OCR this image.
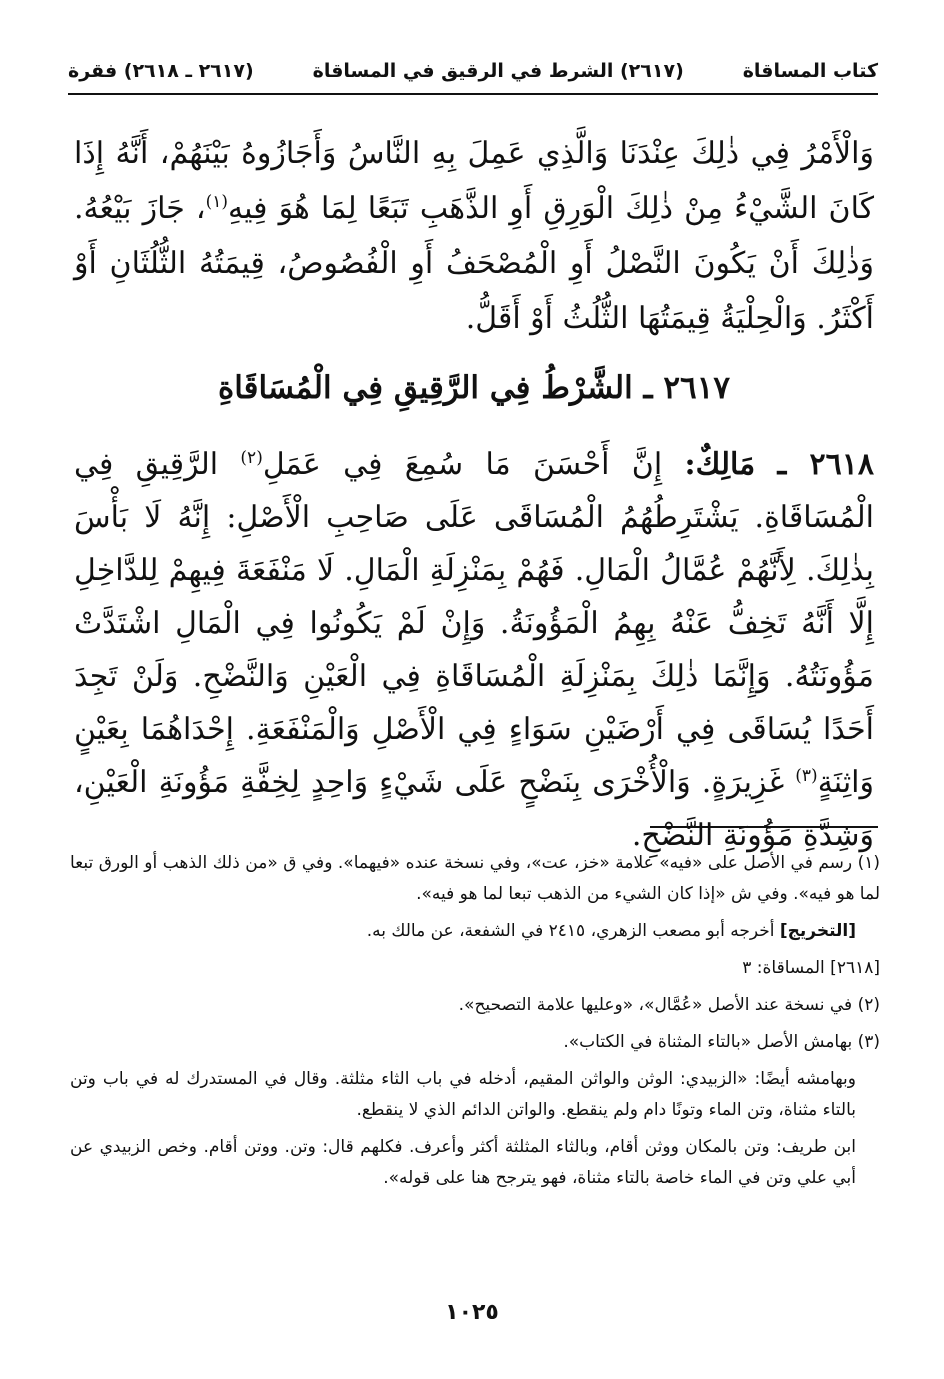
كتاب المساقاة
(٢٦١٧) الشرط في الرقيق في المساقاة
(٢٦١٧ ـ ٢٦١٨) فقرة

وَالْأَمْرُ فِي ذٰلِكَ عِنْدَنَا وَالَّذِي عَمِلَ بِهِ النَّاسُ وَأَجَازُوهُ بَيْنَهُمْ، أَنَّهُ إِذَا كَانَ الشَّيْءُ مِنْ ذٰلِكَ الْوَرِقِ أَوِ الذَّهَبِ تَبَعًا لِمَا هُوَ فِيهِ$^{(١)}$، جَازَ بَيْعُهُ. وَذٰلِكَ أَنْ يَكُونَ النَّصْلُ أَوِ الْمُصْحَفُ أَوِ الْفُصُوصُ، قِيمَتُهُ الثُّلُثَانِ أَوْ أَكْثَرُ. وَالْحِلْيَةُ قِيمَتُهَا الثُّلُثُ أَوْ أَقَلُّ.

٢٦١٧ ـ الشَّرْطُ فِي الرَّقِيقِ فِي الْمُسَاقَاةِ

٢٦١٨ ـ مَالِكٌ: إِنَّ أَحْسَنَ مَا سُمِعَ فِي عَمَلِ$^{(٢)}$ الرَّقِيقِ فِي الْمُسَاقَاةِ. يَشْتَرِطُهُمُ الْمُسَاقَى عَلَى صَاحِبِ الْأَصْلِ: إِنَّهُ لَا بَأْسَ بِذٰلِكَ. لِأَنَّهُمْ عُمَّالُ الْمَالِ. فَهُمْ بِمَنْزِلَةِ الْمَالِ. لَا مَنْفَعَةَ فِيهِمْ لِلدَّاخِلِ إِلَّا أَنَّهُ تَخِفُّ عَنْهُ بِهِمُ الْمَؤُونَةُ. وَإِنْ لَمْ يَكُونُوا فِي الْمَالِ اشْتَدَّتْ مَؤُونَتُهُ. وَإِنَّمَا ذٰلِكَ بِمَنْزِلَةِ الْمُسَاقَاةِ فِي الْعَيْنِ وَالنَّضْحِ. وَلَنْ تَجِدَ أَحَدًا يُسَاقَى فِي أَرْضَيْنِ سَوَاءٍ فِي الْأَصْلِ وَالْمَنْفَعَةِ. إِحْدَاهُمَا بِعَيْنٍ وَاثِنَةٍ$^{(٣)}$ غَزِيرَةٍ. وَالْأُخْرَى بِنَضْحٍ عَلَى شَيْءٍ وَاحِدٍ لِخِفَّةِ مَؤُونَةِ الْعَيْنِ، وَشِدَّةِ مَؤُونَةِ النَّضْحِ.

(١) رسم في الأصل على «فيه» علامة «خز، عت»، وفي نسخة عنده «فيهما». وفي ق «من ذلك الذهب أو الورق تبعا لما هو فيه». وفي ش «إذا كان الشيء من الذهب تبعا لما هو فيه».

[التخريج] أخرجه أبو مصعب الزهري، ٢٤١٥ في الشفعة، عن مالك به.

[٢٦١٨] المساقاة: ٣

(٢) في نسخة عند الأصل «عُمَّال»، «وعليها علامة التصحيح».

(٣) بهامش الأصل «بالتاء المثناة في الكتاب».

وبهامشه أيضًا: «الزبيدي: الوثن والواثن المقيم، أدخله في باب الثاء مثلثة. وقال في المستدرك له في باب وتن بالتاء مثناة، وتن الماء وتونًا دام ولم ينقطع. والواتن الدائم الذي لا ينقطع.

ابن طريف: وتن بالمكان ووثن أقام، وبالثاء المثلثة أكثر وأعرف. فكلهم قال: وتن. ووتن أقام. وخص الزبيدي عن أبي علي وتن في الماء خاصة بالتاء مثناة، فهو يترجح هنا على قوله».

١٠٢٥
